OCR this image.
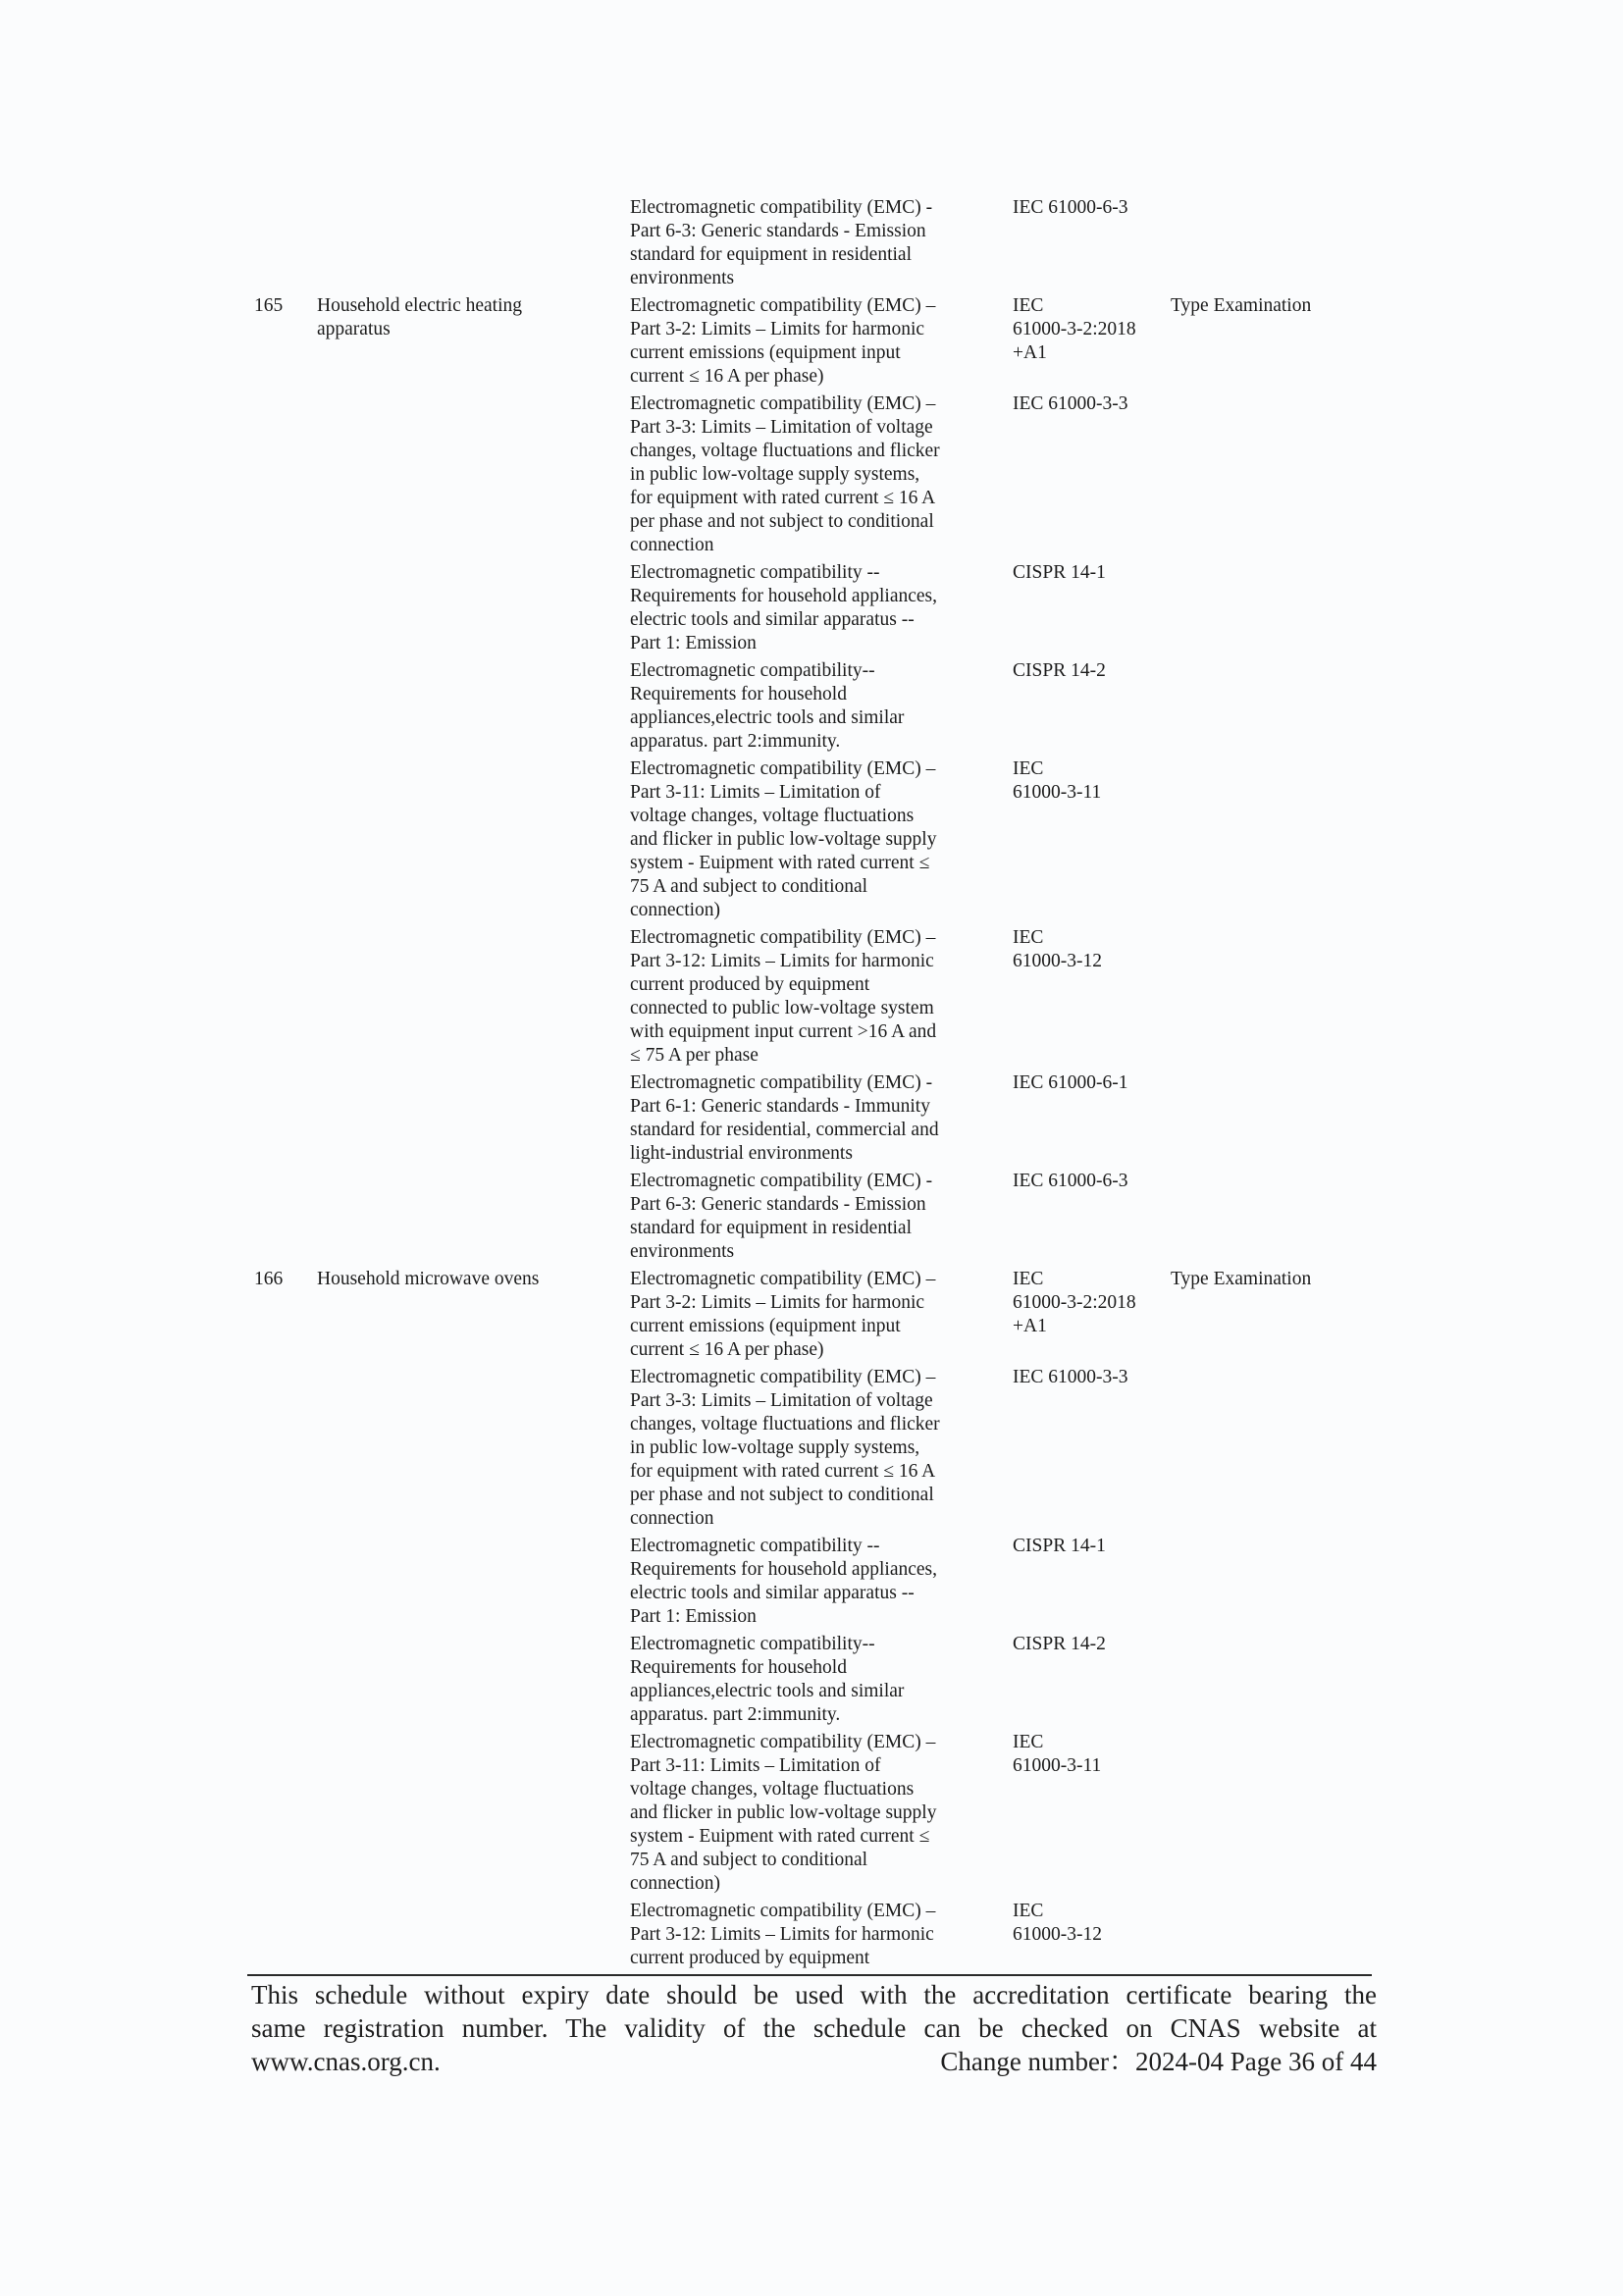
Electromagnetic compatibility (EMC) -
Part 6-3: Generic standards - Emission
standard for equipment in residential
environments
IEC 61000-6-3
165 Household electric heating
apparatus
Electromagnetic compatibility (EMC) –
Part 3-2: Limits – Limits for harmonic
current emissions (equipment input
current ≤ 16 A per phase)
IEC
61000-3-2:2018
+A1
Type Examination
Electromagnetic compatibility (EMC) –
Part 3-3: Limits – Limitation of voltage
changes, voltage fluctuations and flicker
in public low-voltage supply systems,
for equipment with rated current ≤ 16 A
per phase and not subject to conditional
connection
IEC 61000-3-3
Electromagnetic compatibility --
Requirements for household appliances,
electric tools and similar apparatus --
Part 1: Emission
CISPR 14-1
Electromagnetic compatibility--
Requirements for household
appliances,electric tools and similar
apparatus. part 2:immunity.
CISPR 14-2
Electromagnetic compatibility (EMC) –
Part 3-11: Limits – Limitation of
voltage changes, voltage fluctuations
and flicker in public low-voltage supply
system - Euipment with rated current ≤
75 A and subject to conditional
connection)
IEC
61000-3-11
Electromagnetic compatibility (EMC) –
Part 3-12: Limits – Limits for harmonic
current produced by equipment
connected to public low-voltage system
with equipment input current >16 A and
≤ 75 A per phase
IEC
61000-3-12
Electromagnetic compatibility (EMC) -
Part 6-1: Generic standards - Immunity
standard for residential, commercial and
light-industrial environments
IEC 61000-6-1
Electromagnetic compatibility (EMC) -
Part 6-3: Generic standards - Emission
standard for equipment in residential
environments
IEC 61000-6-3
166 Household microwave ovens	Electromagnetic compatibility (EMC) –
Part 3-2: Limits – Limits for harmonic
current emissions (equipment input
current ≤ 16 A per phase)
IEC
61000-3-2:2018
+A1
Type Examination
Electromagnetic compatibility (EMC) –
Part 3-3: Limits – Limitation of voltage
changes, voltage fluctuations and flicker
in public low-voltage supply systems,
for equipment with rated current ≤ 16 A
per phase and not subject to conditional
connection
IEC 61000-3-3
Electromagnetic compatibility --
Requirements for household appliances,
electric tools and similar apparatus --
Part 1: Emission
CISPR 14-1
Electromagnetic compatibility--
Requirements for household
appliances,electric tools and similar
apparatus. part 2:immunity.
CISPR 14-2
Electromagnetic compatibility (EMC) –
Part 3-11: Limits – Limitation of
voltage changes, voltage fluctuations
and flicker in public low-voltage supply
system - Euipment with rated current ≤
75 A and subject to conditional
connection)
IEC
61000-3-11
Electromagnetic compatibility (EMC) –
Part 3-12: Limits – Limits for harmonic
current produced by equipment
IEC
61000-3-12
This schedule without expiry date should be used with the accreditation certificate bearing the
same registration number. The validity of the schedule can be checked on CNAS website at
www.cnas.org.cn.	Change number：2024-04 Page 36 of 44
